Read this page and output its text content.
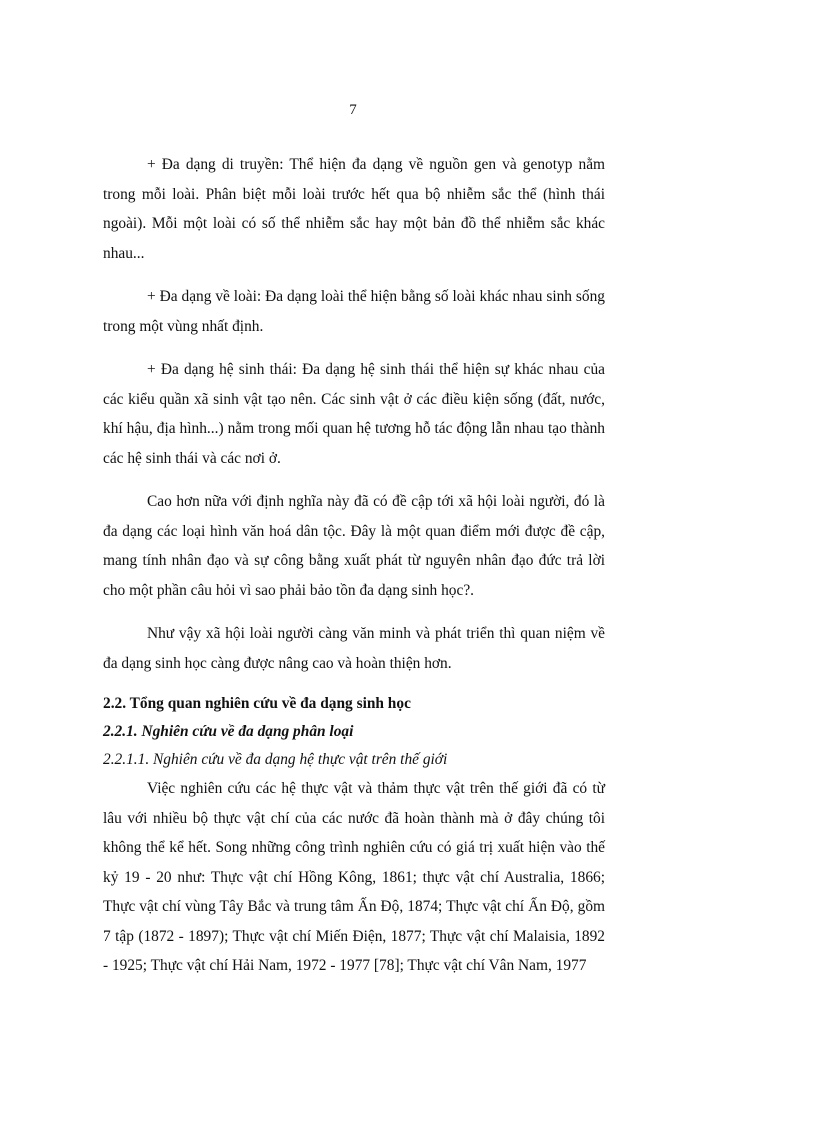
7

+ Đa dạng di truyền: Thể hiện đa dạng về nguồn gen và genotyp nằm trong mỗi loài. Phân biệt mỗi loài trước hết qua bộ nhiễm sắc thể (hình thái ngoài). Mỗi một loài có số thể nhiễm sắc hay một bản đồ thể nhiễm sắc khác nhau...

+ Đa dạng về loài: Đa dạng loài thể hiện bằng số loài khác nhau sinh sống trong một vùng nhất định.

+ Đa dạng hệ sinh thái: Đa dạng hệ sinh thái thể hiện sự khác nhau của các kiểu quần xã sinh vật tạo nên. Các sinh vật ở các điều kiện sống (đất, nước, khí hậu, địa hình...) nằm trong mối quan hệ tương hỗ tác động lẫn nhau tạo thành các hệ sinh thái và các nơi ở.

Cao hơn nữa với định nghĩa này đã có đề cập tới xã hội loài người, đó là đa dạng các loại hình văn hoá dân tộc. Đây là một quan điểm mới được đề cập, mang tính nhân đạo và sự công bằng xuất phát từ nguyên nhân đạo đức trả lời cho một phần câu hỏi vì sao phải bảo tồn đa dạng sinh học?.

Như vậy xã hội loài người càng văn minh và phát triển thì quan niệm về đa dạng sinh học càng được nâng cao và hoàn thiện hơn.

2.2. Tổng quan nghiên cứu về đa dạng sinh học

2.2.1. Nghiên cứu về đa dạng phân loại

2.2.1.1. Nghiên cứu về đa dạng hệ thực vật trên thế giới

Việc nghiên cứu các hệ thực vật và thảm thực vật trên thế giới đã có từ lâu với nhiều bộ thực vật chí của các nước đã hoàn thành mà ở đây chúng tôi không thể kể hết. Song những công trình nghiên cứu có giá trị xuất hiện vào thế kỷ 19 - 20 như: Thực vật chí Hồng Kông, 1861; thực vật chí Australia, 1866; Thực vật chí vùng Tây Bắc và trung tâm Ấn Độ, 1874; Thực vật chí Ấn Độ, gồm 7 tập (1872 - 1897); Thực vật chí Miến Điện, 1877; Thực vật chí Malaisia, 1892 - 1925; Thực vật chí Hải Nam, 1972 - 1977 [78]; Thực vật chí Vân Nam, 1977
